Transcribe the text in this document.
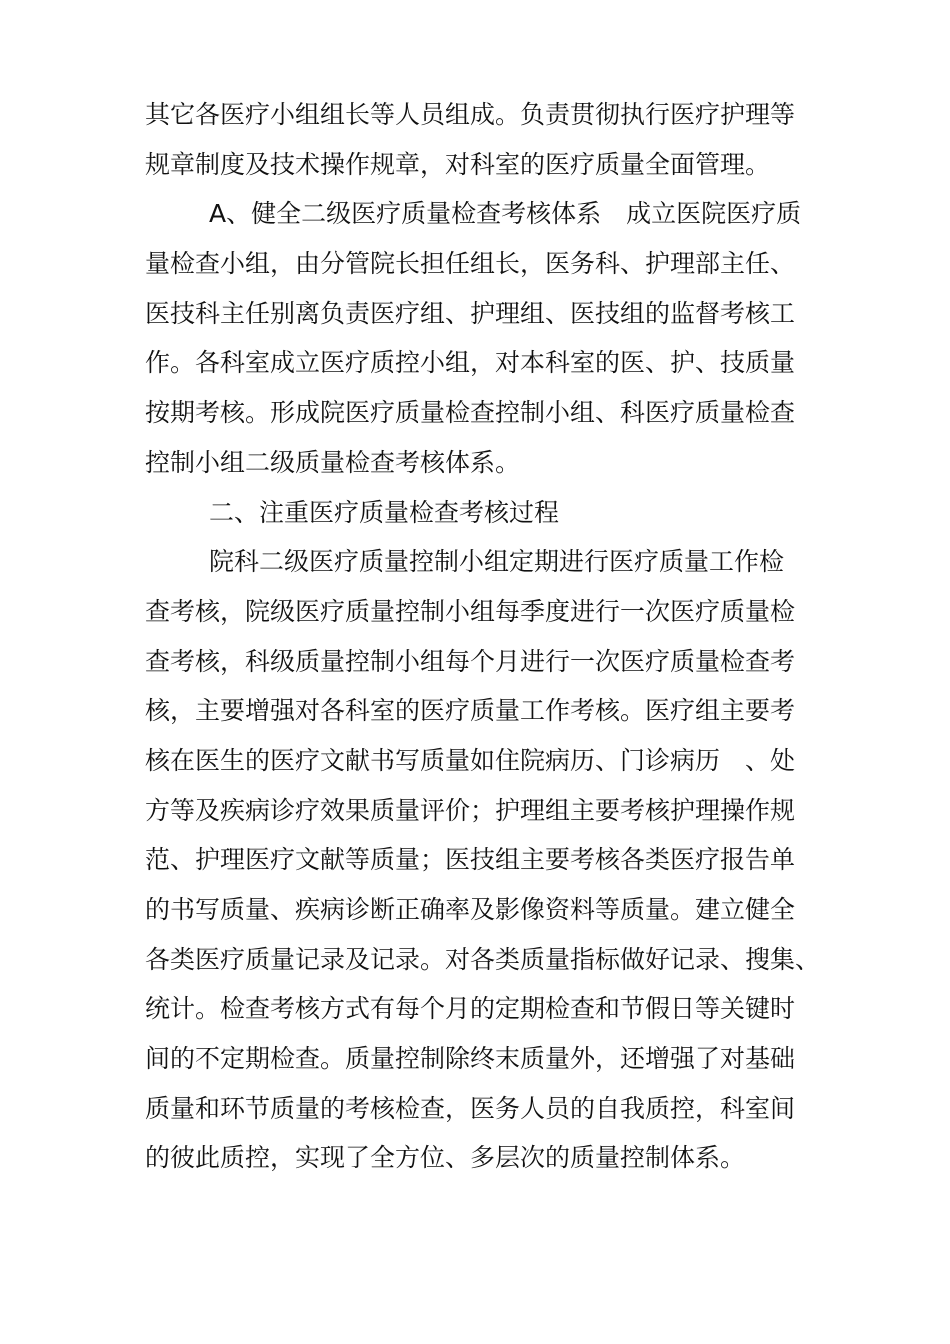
其它各医疗小组组长等人员组成。负责贯彻执行医疗护理等
规章制度及技术操作规章，对科室的医疗质量全面管理。
A、健全二级医疗质量检查考核体系　成立医院医疗质
量检查小组，由分管院长担任组长，医务科、护理部主任、
医技科主任别离负责医疗组、护理组、医技组的监督考核工
作。各科室成立医疗质控小组，对本科室的医、护、技质量
按期考核。形成院医疗质量检查控制小组、科医疗质量检查
控制小组二级质量检查考核体系。
二、注重医疗质量检查考核过程
院科二级医疗质量控制小组定期进行医疗质量工作检
查考核，院级医疗质量控制小组每季度进行一次医疗质量检
查考核，科级质量控制小组每个月进行一次医疗质量检查考
核，主要增强对各科室的医疗质量工作考核。医疗组主要考
核在医生的医疗文献书写质量如住院病历、门诊病历　、处
方等及疾病诊疗效果质量评价；护理组主要考核护理操作规
范、护理医疗文献等质量；医技组主要考核各类医疗报告单
的书写质量、疾病诊断正确率及影像资料等质量。建立健全
各类医疗质量记录及记录。对各类质量指标做好记录、搜集、
统计。检查考核方式有每个月的定期检查和节假日等关键时
间的不定期检查。质量控制除终末质量外，还增强了对基础
质量和环节质量的考核检查，医务人员的自我质控，科室间
的彼此质控，实现了全方位、多层次的质量控制体系。
